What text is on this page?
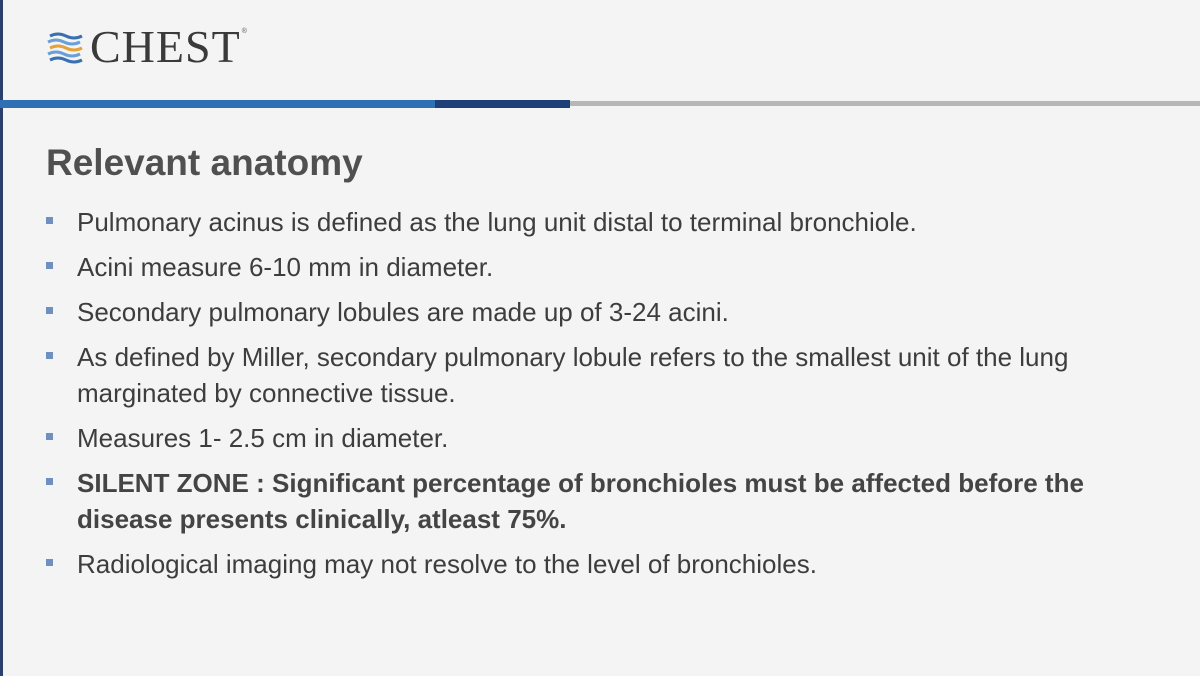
CHEST ®
Relevant anatomy
Pulmonary acinus is defined as the lung unit distal to terminal bronchiole.
Acini measure 6-10 mm in diameter.
Secondary pulmonary lobules are made up of 3-24 acini.
As defined by Miller, secondary pulmonary lobule refers to the smallest unit of the lung marginated by connective tissue.
Measures 1- 2.5 cm in diameter.
SILENT ZONE : Significant percentage of bronchioles must be affected before the disease presents clinically, atleast 75%.
Radiological imaging may not resolve to the level of bronchioles.
